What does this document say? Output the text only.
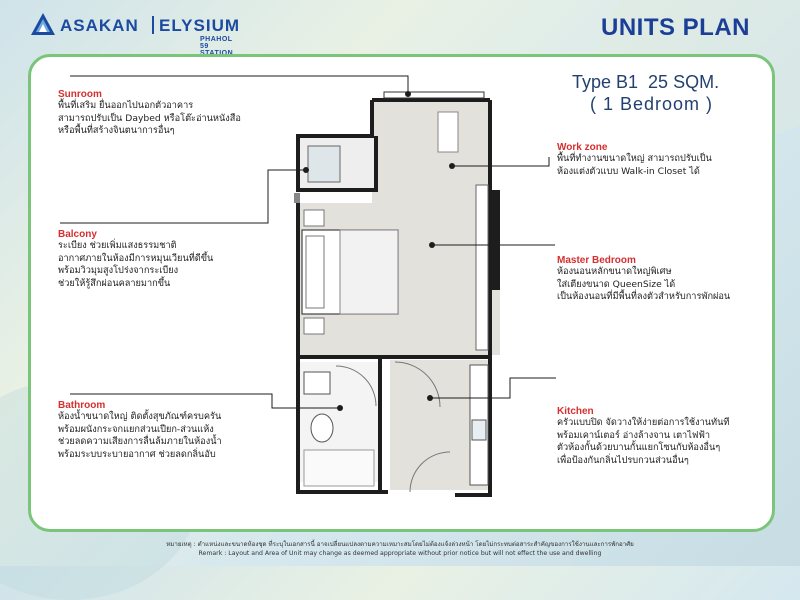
ASAKAN ELYSIUM
PHAHOL 59
UNITS PLAN
Type B1  25 SQM.
( 1 Bedroom )
Sunroom
พื้นที่เสริม ยื่นออกไปนอกตัวอาคาร
สามารถปรับเป็น Daybed หรือโต๊ะอ่านหนังสือ
หรือพื้นที่สร้างจินตนาการอื่นๆ
Balcony
ระเบียง ช่วยเพิ่มแสงธรรมชาติ
อากาศภายในห้องมีการหมุนเวียนที่ดีขึ้น
พร้อมวิวมุมสูงโปร่งจากระเบียง
ช่วยให้รู้สึกผ่อนคลายมากขึ้น
Bathroom
ห้องน้ำขนาดใหญ่ ติดตั้งสุขภัณฑ์ครบครัน
พร้อมผนังกระจกแยกส่วนเปียก-ส่วนแห้ง
ช่วยลดความเสียงการลื่นล้มภายในห้องน้ำ
พร้อมระบบระบายอากาศ ช่วยลดกลิ่นอับ
Work zone
พื้นที่ทำงานขนาดใหญ่ สามารถปรับเป็น
ห้องแต่งตัวแบบ Walk-in Closet ได้
Master Bedroom
ห้องนอนหลักขนาดใหญ่พิเศษ
ใส่เตียงขนาด QueenSize ได้
เป็นห้องนอนที่มีพื้นที่ลงตัวสำหรับการพักผ่อน
Kitchen
ครัวแบบปิด จัดวางให้ง่ายต่อการใช้งานทันที
พร้อมเคาน์เตอร์ อ่างล้างจาน เตาไฟฟ้า
ตัวห้องกั้นด้วยบานกั้นแยกโซนกับห้องอื่นๆ
เพื่อป้องกันกลิ่นไปรบกวนส่วนอื่นๆ
หมายเหตุ : ตำแหน่งและขนาดห้องชุด ที่ระบุในเอกสารนี้ อาจเปลี่ยนแปลงตามความเหมาะสมโดยไม่ต้องแจ้งล่วงหน้า โดยไม่กระทบต่อสาระสำคัญของการใช้งานและการพักอาศัย
Remark : Layout and Area of Unit may change as deemed appropriate without prior notice but will not effect the use and dwelling
